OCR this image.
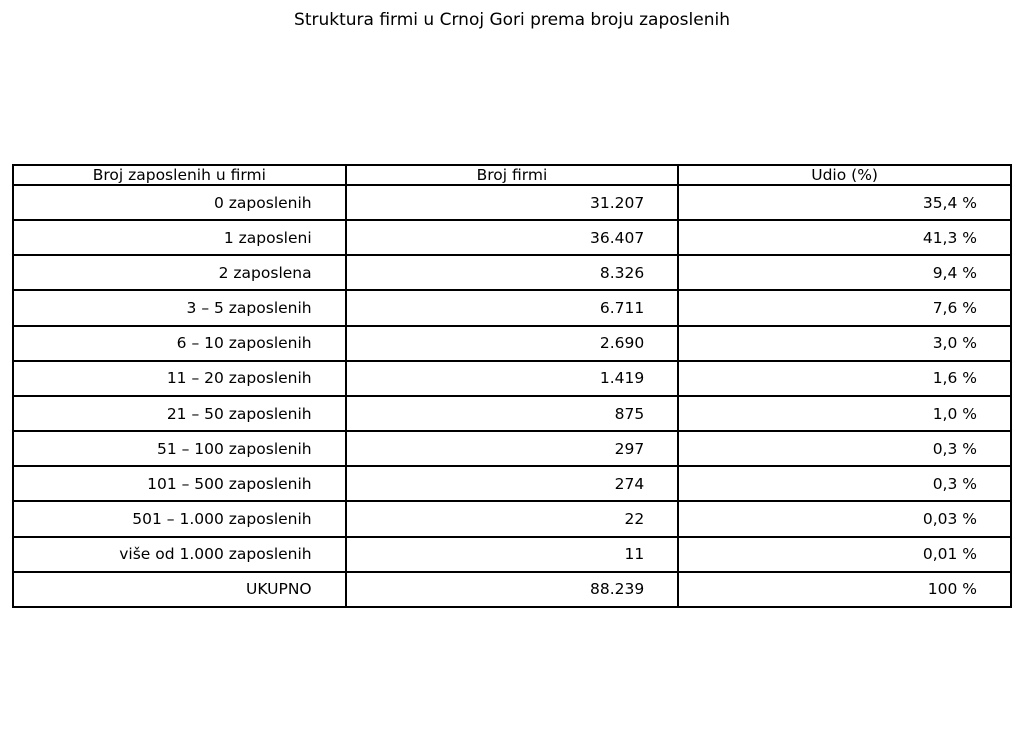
Struktura firmi u Crnoj Gori prema broju zaposlenih
Broj zaposlenih u firmi	Broj firmi	Udio (%)
0 zaposlenih	31.207	35,4 %
1 zaposleni	36.407	41,3 %
2 zaposlena	8.326	9,4 %
3 – 5 zaposlenih	6.711	7,6 %
6 – 10 zaposlenih	2.690	3,0 %
11 – 20 zaposlenih	1.419	1,6 %
21 – 50 zaposlenih	875	1,0 %
51 – 100 zaposlenih	297	0,3 %
101 – 500 zaposlenih	274	0,3 %
501 – 1.000 zaposlenih	22	0,03 %
više od 1.000 zaposlenih	11	0,01 %
UKUPNO	88.239	100 %
